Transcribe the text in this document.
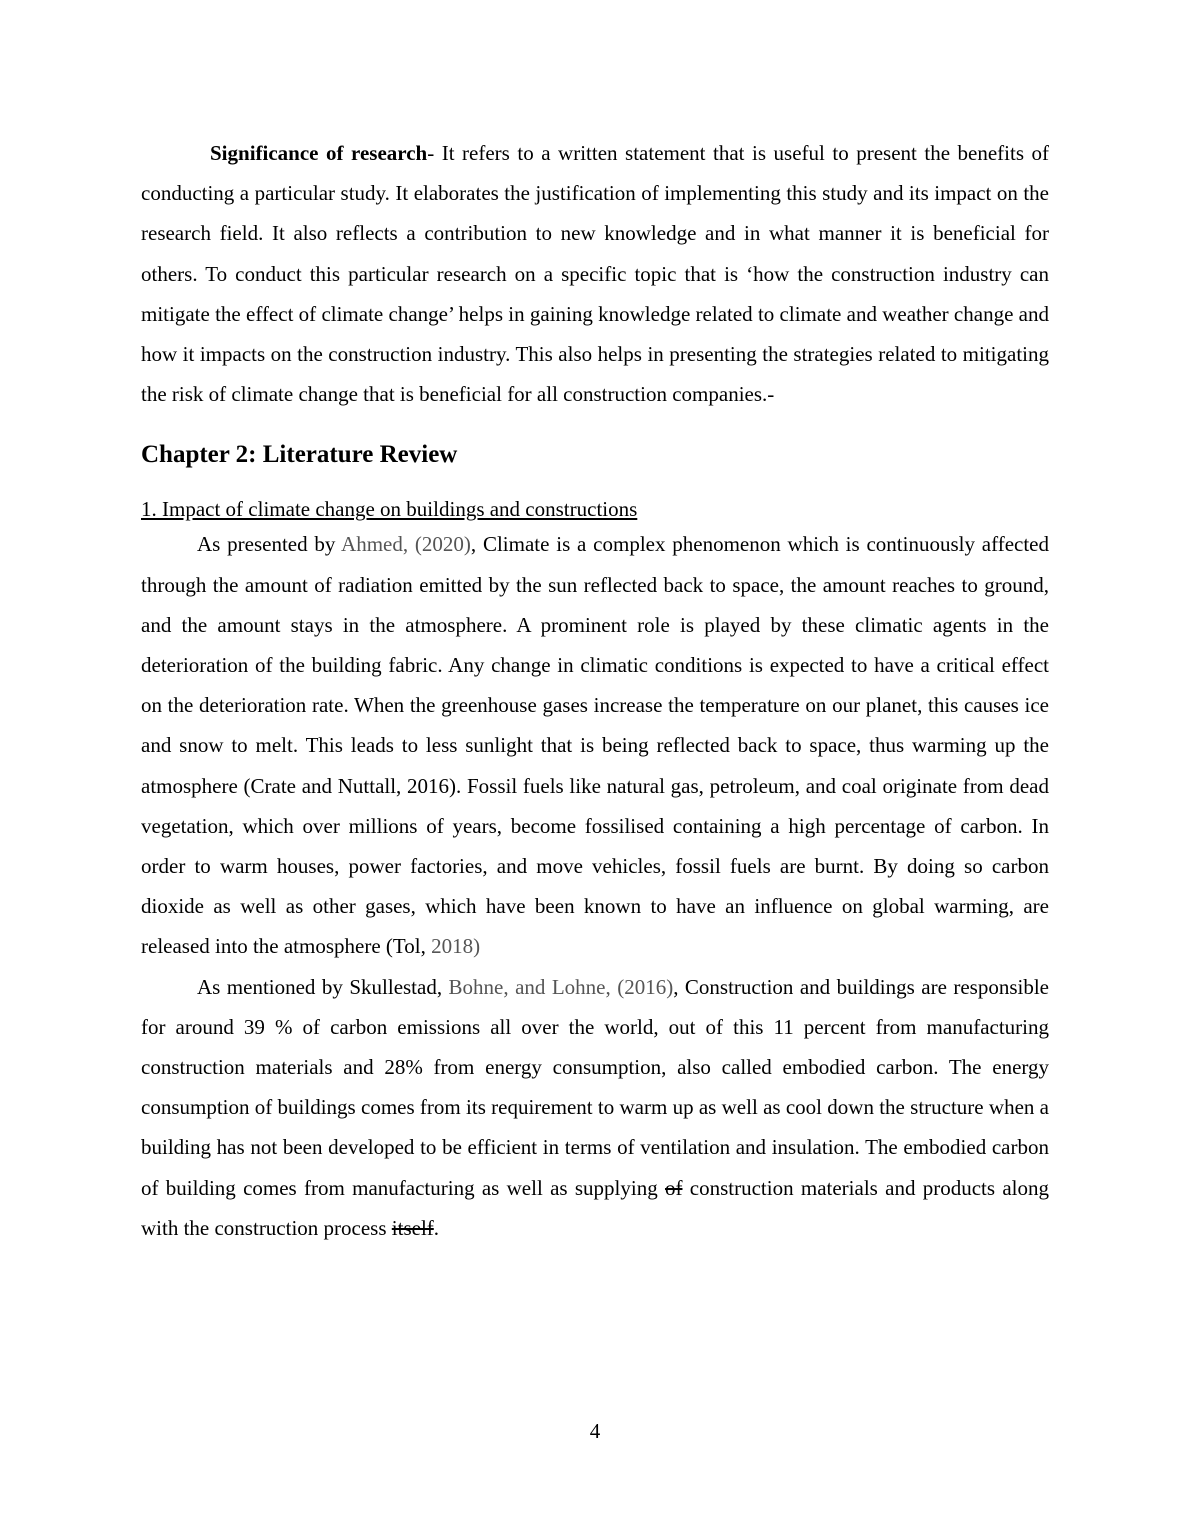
Significance of research- It refers to a written statement that is useful to present the benefits of conducting a particular study. It elaborates the justification of implementing this study and its impact on the research field. It also reflects a contribution to new knowledge and in what manner it is beneficial for others. To conduct this particular research on a specific topic that is ‘how the construction industry can mitigate the effect of climate change’ helps in gaining knowledge related to climate and weather change and how it impacts on the construction industry. This also helps in presenting the strategies related to mitigating the risk of climate change that is beneficial for all construction companies.-

Chapter 2: Literature Review

1. Impact of climate change on buildings and constructions

As presented by Ahmed, (2020), Climate is a complex phenomenon which is continuously affected through the amount of radiation emitted by the sun reflected back to space, the amount reaches to ground, and the amount stays in the atmosphere. A prominent role is played by these climatic agents in the deterioration of the building fabric. Any change in climatic conditions is expected to have a critical effect on the deterioration rate. When the greenhouse gases increase the temperature on our planet, this causes ice and snow to melt. This leads to less sunlight that is being reflected back to space, thus warming up the atmosphere (Crate and Nuttall, 2016). Fossil fuels like natural gas, petroleum, and coal originate from dead vegetation, which over millions of years, become fossilised containing a high percentage of carbon. In order to warm houses, power factories, and move vehicles, fossil fuels are burnt. By doing so carbon dioxide as well as other gases, which have been known to have an influence on global warming, are released into the atmosphere (Tol, 2018)

As mentioned by Skullestad, Bohne, and Lohne, (2016), Construction and buildings are responsible for around 39 % of carbon emissions all over the world, out of this 11 percent from manufacturing construction materials and 28% from energy consumption, also called embodied carbon. The energy consumption of buildings comes from its requirement to warm up as well as cool down the structure when a building has not been developed to be efficient in terms of ventilation and insulation. The embodied carbon of building comes from manufacturing as well as supplying of construction materials and products along with the construction process itself.

4
